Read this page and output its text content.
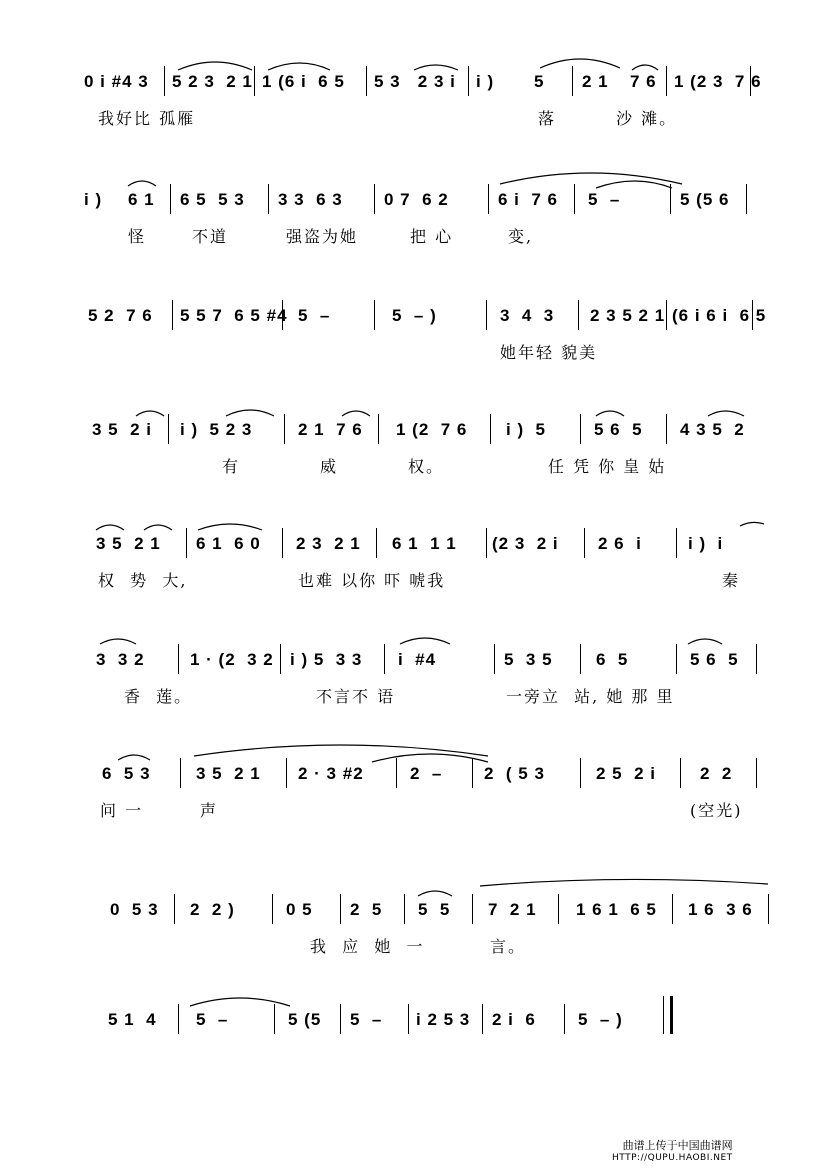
0 i #4 3 5 2 3  2 1 1 (6 i  6 5 5 3   2 3 i i ) 5 2 1 7 6 1 (2 3  7 6
我好比 孤雁	落	沙 滩。
i ) 6 1 6 5  5 3 3 3  6 3 0 7  6 2	6 i  7 6 5  –	5 (5 6
怪	不道	强盗为她	把 心	变,
5 2  7 6 5 5 7  6 5 #4 5  –	5  – )	3  4  3 2 3 5 2 1 (6 i 6 i  6 5
她年轻 貌美
3 5  2 i i )  5 2 3	2 1  7 6 1 (2  7 6 i )  5	5 6  5 4 3 5  2
有	威	权。	任 凭 你 皇 姑
3 5  2 1 6 1  6 0 2 3  2 1 6 1  1 1 (2 3  2 i 2 6  i	i )  i
权  势  大,	也难 以你 吓 唬我	秦
3  3 2	1 · (2  3 2 i ) 5  3 3 i  #4	5  3 5	6  5	5 6  5
香  莲。	不言不 语	一旁立  站, 她 那 里
6  5 3	3 5  2 1 2 · 3 #2	2  – 2  ( 5 3	2 5  2 i	2  2
问 一	声	(空光)
0  5 3 2  2 )	0 5 2  5 5  5 7  2 1 1 6 1  6 5 1 6  3 6
我  应  她  一	言。
5 1  4 5  –	5 (5 5  – i 2 5 3 2 i  6 5  – )
曲谱上传于中国曲谱网
HTTP://QUPU.HAOBI.NET
